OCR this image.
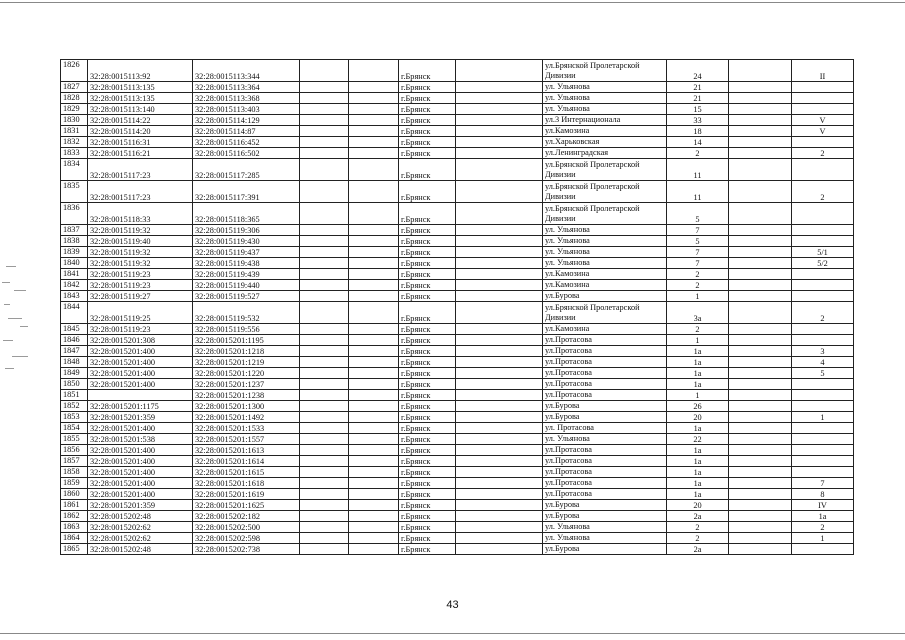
1826	32:28:0015113:92	32:28:0015113:344			г.Брянск		ул.Брянской Пролетарской Дивизии	24		II
1827	32:28:0015113:135	32:28:0015113:364			г.Брянск		ул. Ульянова	21		
1828	32:28:0015113:135	32:28:0015113:368			г.Брянск		ул. Ульянова	21		
1829	32:28:0015113:140	32:28:0015113:403			г.Брянск		ул. Ульянова	15		
1830	32:28:0015114:22	32:28:0015114:129			г.Брянск		ул.3 Интернационала	33		V
1831	32:28:0015114:20	32:28:0015114:87			г.Брянск		ул.Камозина	18		V
1832	32:28:0015116:31	32:28:0015116:452			г.Брянск		ул.Харьковская	14		
1833	32:28:0015116:21	32:28:0015116:502			г.Брянск		ул.Ленинградская	2		2
1834	32:28:0015117:23	32:28:0015117:285			г.Брянск		ул.Брянской Пролетарской Дивизии	11		
1835	32:28:0015117:23	32:28:0015117:391			г.Брянск		ул.Брянской Пролетарской Дивизии	11		2
1836	32:28:0015118:33	32:28:0015118:365			г.Брянск		ул.Брянской Пролетарской Дивизии	5		
1837	32:28:0015119:32	32:28:0015119:306			г.Брянск		ул. Ульянова	7		
1838	32:28:0015119:40	32:28:0015119:430			г.Брянск		ул. Ульянова	5		
1839	32:28:0015119:32	32:28:0015119:437			г.Брянск		ул. Ульянова	7		5/1
1840	32:28:0015119:32	32:28:0015119:438			г.Брянск		ул. Ульянова	7		5/2
1841	32:28:0015119:23	32:28:0015119:439			г.Брянск		ул.Камозина	2		
1842	32:28:0015119:23	32:28:0015119:440			г.Брянск		ул.Камозина	2		
1843	32:28:0015119:27	32:28:0015119:527			г.Брянск		ул.Бурова	1		
1844	32:28:0015119:25	32:28:0015119:532			г.Брянск		ул.Брянской Пролетарской Дивизии	3а		2
1845	32:28:0015119:23	32:28:0015119:556			г.Брянск		ул.Камозина	2		
1846	32:28:0015201:308	32:28:0015201:1195			г.Брянск		ул.Протасова	1		
1847	32:28:0015201:400	32:28:0015201:1218			г.Брянск		ул.Протасова	1а		3
1848	32:28:0015201:400	32:28:0015201:1219			г.Брянск		ул.Протасова	1а		4
1849	32:28:0015201:400	32:28:0015201:1220			г.Брянск		ул.Протасова	1а		5
1850	32:28:0015201:400	32:28:0015201:1237			г.Брянск		ул.Протасова	1а		
1851		32:28:0015201:1238			г.Брянск		ул.Протасова	1		
1852	32:28:0015201:1175	32:28:0015201:1300			г.Брянск		ул.Бурова	26		
1853	32:28:0015201:359	32:28:0015201:1492			г.Брянск		ул.Бурова	20		1
1854	32:28:0015201:400	32:28:0015201:1533			г.Брянск		ул. Протасова	1а		
1855	32:28:0015201:538	32:28:0015201:1557			г.Брянск		ул. Ульянова	22		
1856	32:28:0015201:400	32:28:0015201:1613			г.Брянск		ул.Протасова	1а		
1857	32:28:0015201:400	32:28:0015201:1614			г.Брянск		ул.Протасова	1а		
1858	32:28:0015201:400	32:28:0015201:1615			г.Брянск		ул.Протасова	1а		
1859	32:28:0015201:400	32:28:0015201:1618			г.Брянск		ул.Протасова	1а		7
1860	32:28:0015201:400	32:28:0015201:1619			г.Брянск		ул.Протасова	1а		8
1861	32:28:0015201:359	32:28:0015201:1625			г.Брянск		ул.Бурова	20		IV
1862	32:28:0015202:48	32:28:0015202:182			г.Брянск		ул.Бурова	2а		1а
1863	32:28:0015202:62	32:28:0015202:500			г.Брянск		ул. Ульянова	2		2
1864	32:28:0015202:62	32:28:0015202:598			г.Брянск		ул. Ульянова	2		1
1865	32:28:0015202:48	32:28:0015202:738			г.Брянск		ул.Бурова	2а		
43
